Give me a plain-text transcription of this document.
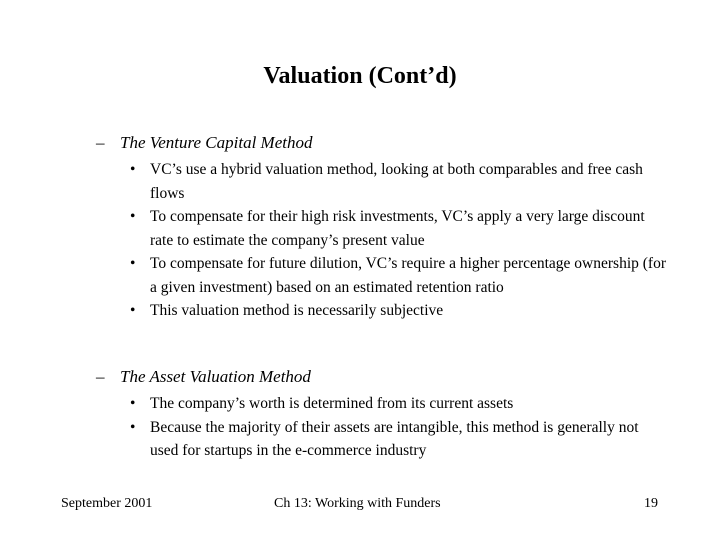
Valuation (Cont’d)
– The Venture Capital Method
• VC’s use a hybrid valuation method, looking at both comparables and free cash flows
• To compensate for their high risk investments, VC’s apply a very large discount rate to estimate the company’s present value
• To compensate for future dilution, VC’s require a higher percentage ownership (for a given investment) based on an estimated retention ratio
• This valuation method is necessarily subjective
– The Asset Valuation Method
• The company’s worth is determined from its current assets
• Because the majority of their assets are intangible, this method is generally not used for startups in the e-commerce industry
September 2001	Ch 13: Working with Funders	19
